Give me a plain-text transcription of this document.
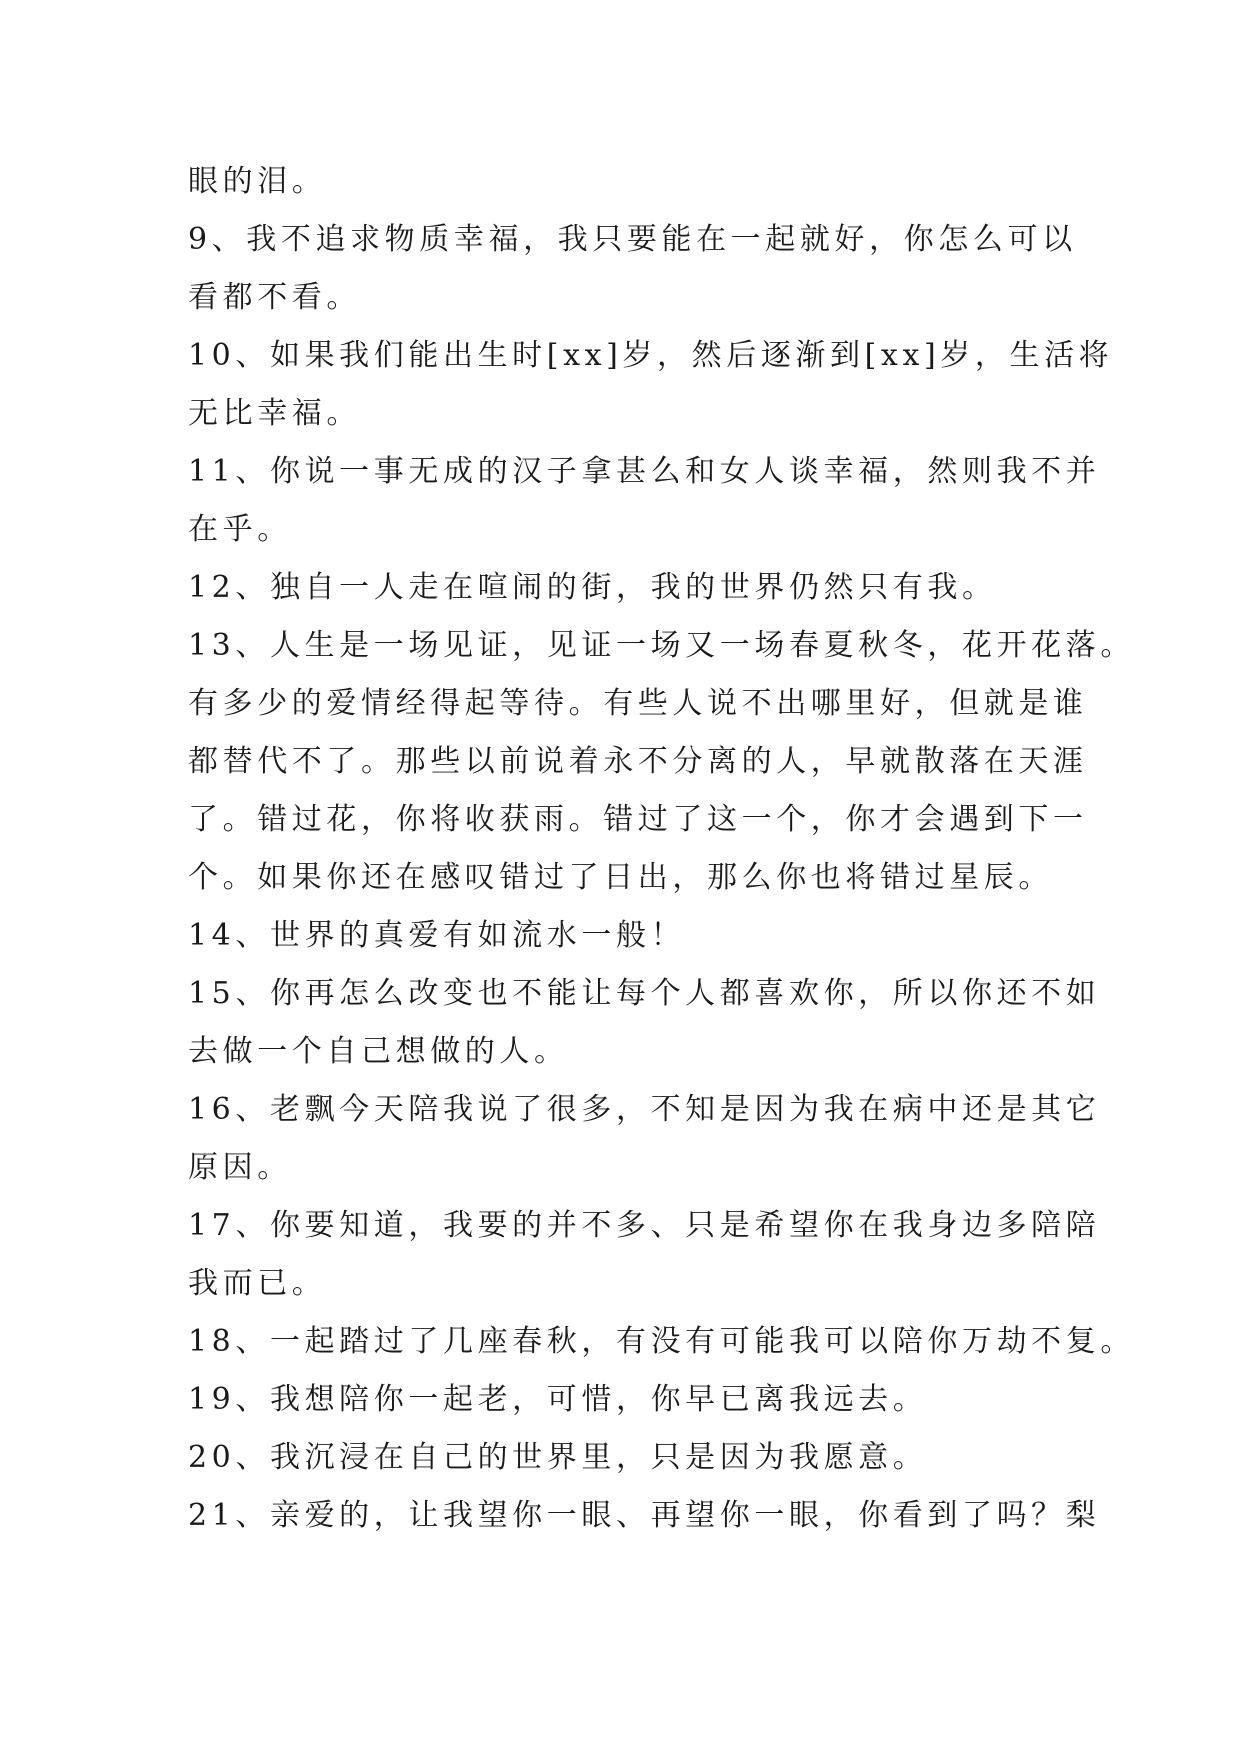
眼的泪。
9、我不追求物质幸福，我只要能在一起就好，你怎么可以
看都不看。
10、如果我们能出生时[xx]岁，然后逐渐到[xx]岁，生活将
无比幸福。
11、你说一事无成的汉子拿甚么和女人谈幸福，然则我不并
在乎。
12、独自一人走在喧闹的街，我的世界仍然只有我。
13、人生是一场见证，见证一场又一场春夏秋冬，花开花落。
有多少的爱情经得起等待。有些人说不出哪里好，但就是谁
都替代不了。那些以前说着永不分离的人，早就散落在天涯
了。错过花，你将收获雨。错过了这一个，你才会遇到下一
个。如果你还在感叹错过了日出，那么你也将错过星辰。
14、世界的真爱有如流水一般！
15、你再怎么改变也不能让每个人都喜欢你，所以你还不如
去做一个自己想做的人。
16、老飘今天陪我说了很多，不知是因为我在病中还是其它
原因。
17、你要知道，我要的并不多、只是希望你在我身边多陪陪
我而已。
18、一起踏过了几座春秋，有没有可能我可以陪你万劫不复。
19、我想陪你一起老，可惜，你早已离我远去。
20、我沉浸在自己的世界里，只是因为我愿意。
21、亲爱的，让我望你一眼、再望你一眼，你看到了吗？梨
